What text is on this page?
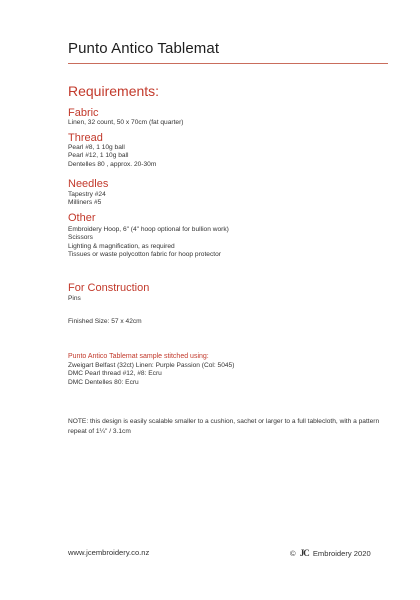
Punto Antico Tablemat
Requirements:
Fabric
Linen, 32 count, 50 x 70cm (fat quarter)
Thread
Pearl #8, 1 10g ball
Pearl #12, 1 10g ball
Dentelles 80 , approx. 20-30m
Needles
Tapestry #24
Milliners #5
Other
Embroidery Hoop, 6" (4" hoop optional for bullion work)
Scissors
Lighting & magnification, as required
Tissues or waste polycotton fabric for hoop protector
For Construction
Pins
Finished Size: 57 x 42cm
Punto Antico Tablemat sample stitched using:
Zweigart Belfast (32ct) Linen: Purple Passion (Col: 5045)
DMC Pearl thread #12, #8: Ecru
DMC Dentelles 80: Ecru

NOTE: this design is easily scalable smaller to a cushion, sachet or larger to a full tablecloth, with a pattern repeat of 1¼" / 3.1cm

www.jcembroidery.co.nz	© JC Embroidery 2020
